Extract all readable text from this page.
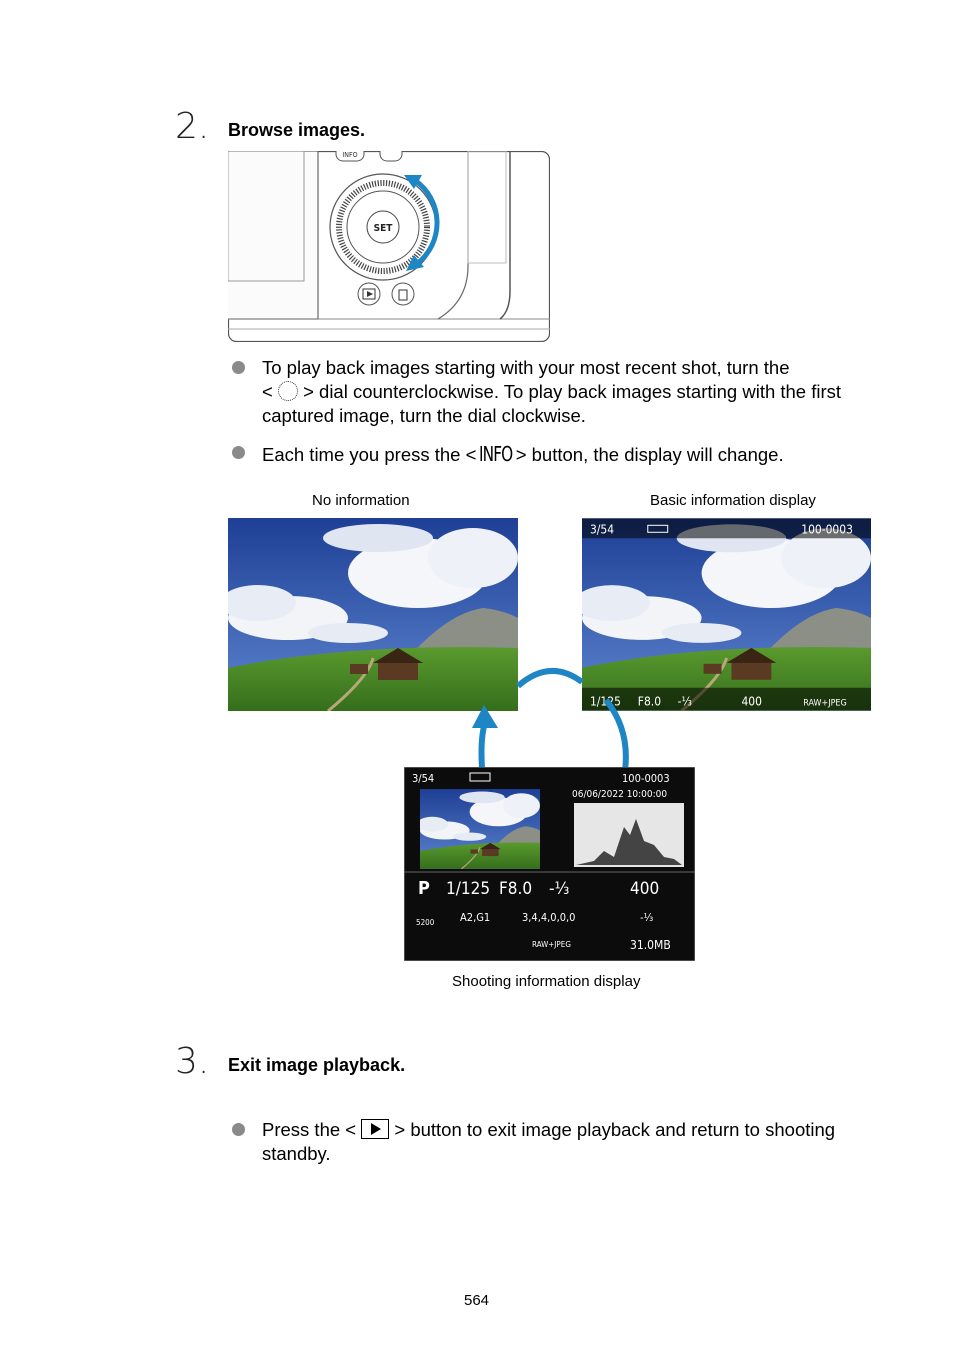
2. Browse images.
INFO
SET
To play back images starting with your most recent shot, turn the
< > dial counterclockwise. To play back images starting with the first
captured image, turn the dial clockwise.
Each time you press the < INFO > button, the display will change.
No information	Basic information display
3/54	100-0003
1/125 F8.0 -⅓	400	RAW+JPEG
3/54	100-0003
06/06/2022 10:00:00
P 1/125 F8.0 -⅓	400
5200 A2,G1	3,4,4,0,0,0	-⅓
RAW+JPEG	31.0MB
Shooting information display
3. Exit image playback.
Press the < > button to exit image playback and return to shooting
standby.
564
